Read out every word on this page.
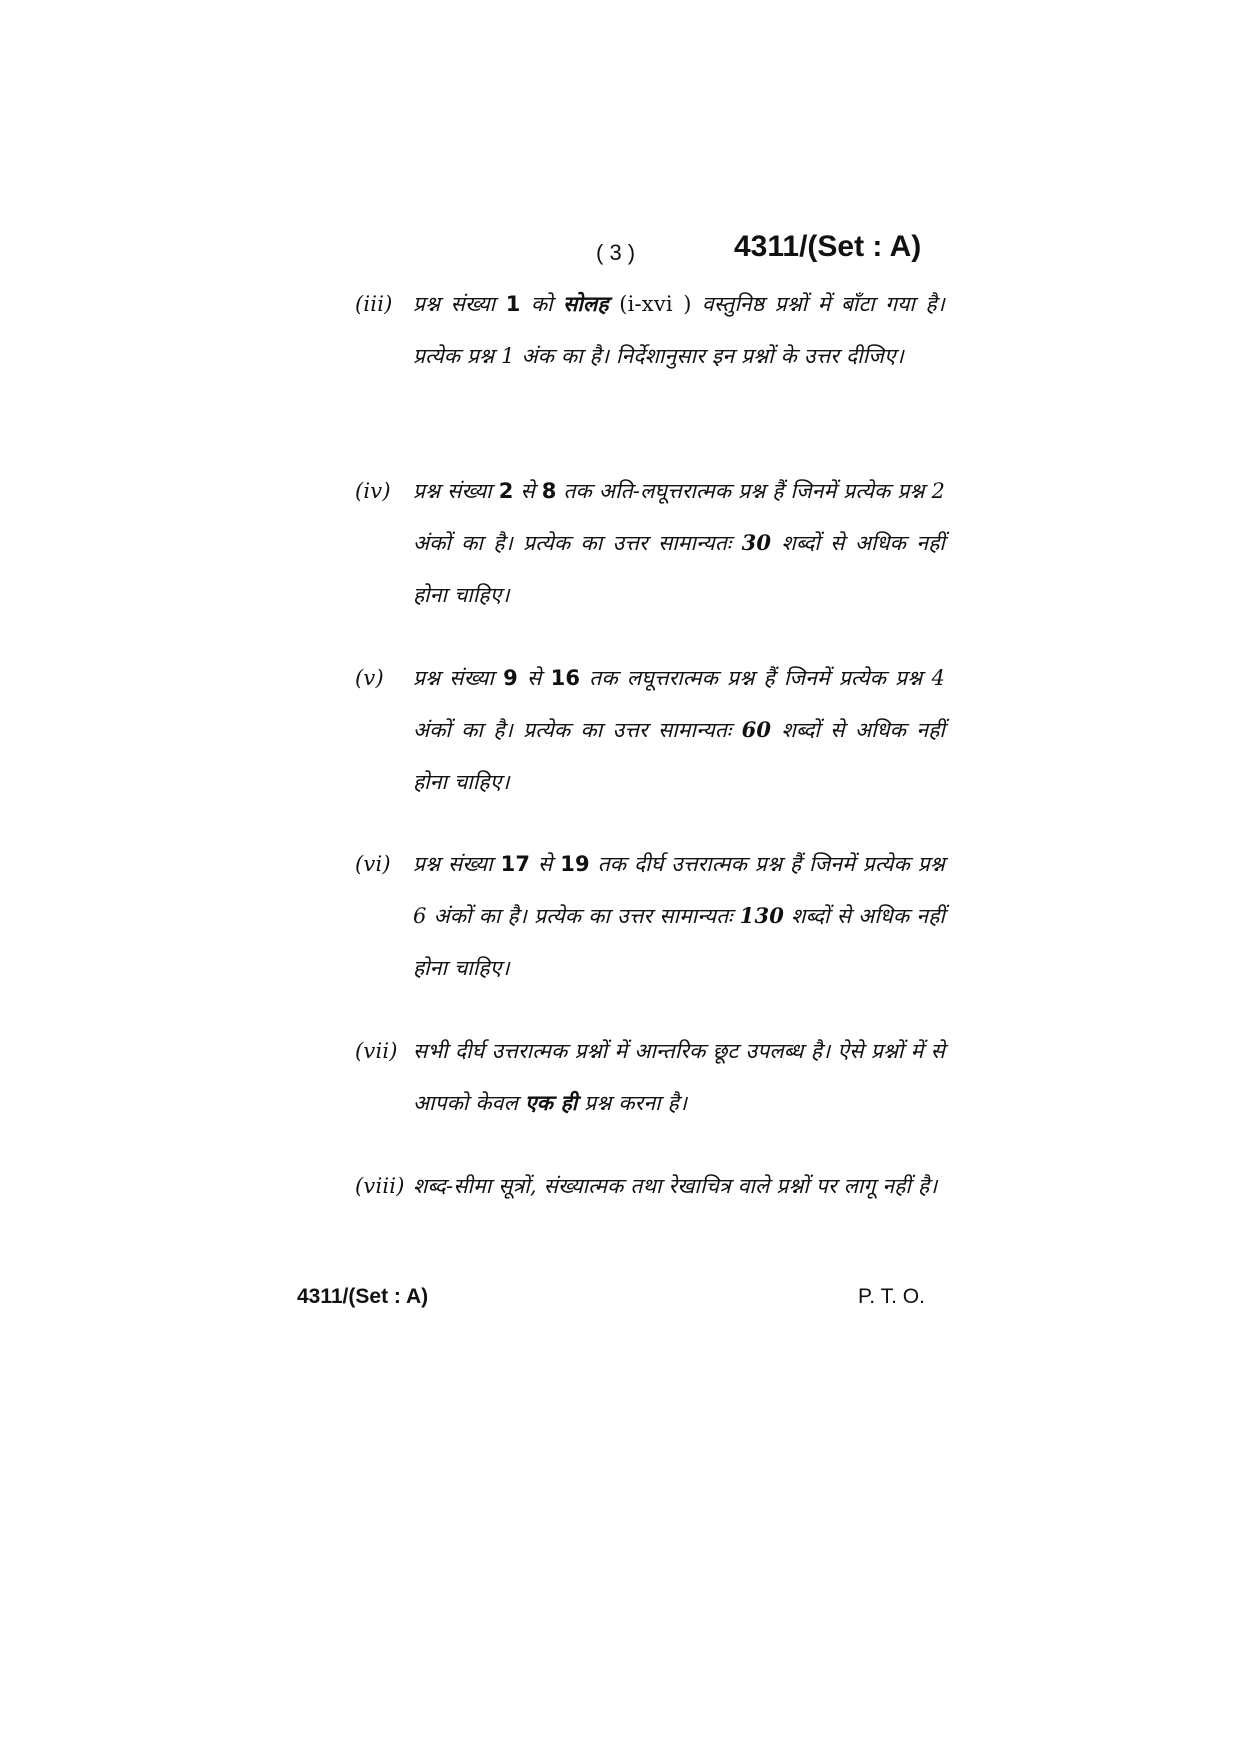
( 3 )	4311/(Set : A)
(iii) प्रश्न संख्या 1 को सोलह (i-xvi ) वस्तुनिष्ठ प्रश्नों में बाँटा गया है। प्रत्येक प्रश्न 1 अंक का है। निर्देशानुसार इन प्रश्नों के उत्तर दीजिए।
(iv)	प्रश्न संख्या 2 से 8 तक अति-लघूत्तरात्मक प्रश्न हैं जिनमें प्रत्येक प्रश्न 2 अंकों का है। प्रत्येक का उत्तर सामान्यतः 30 शब्दों से अधिक नहीं होना चाहिए।
(v)	प्रश्न संख्या 9 से 16 तक लघूत्तरात्मक प्रश्न हैं जिनमें प्रत्येक प्रश्न 4 अंकों का है। प्रत्येक का उत्तर सामान्यतः 60 शब्दों से अधिक नहीं होना चाहिए।
(vi)	प्रश्न संख्या 17 से 19 तक दीर्घ उत्तरात्मक प्रश्न हैं जिनमें प्रत्येक प्रश्न 6 अंकों का है। प्रत्येक का उत्तर सामान्यतः 130 शब्दों से अधिक नहीं होना चाहिए।
(vii) सभी दीर्घ उत्तरात्मक प्रश्नों में आन्तरिक छूट उपलब्ध है। ऐसे प्रश्नों में से आपको केवल एक ही प्रश्न करना है।
(viii) शब्द-सीमा सूत्रों, संख्यात्मक तथा रेखाचित्र वाले प्रश्नों पर लागू नहीं है।
4311/(Set : A)	P. T. O.
